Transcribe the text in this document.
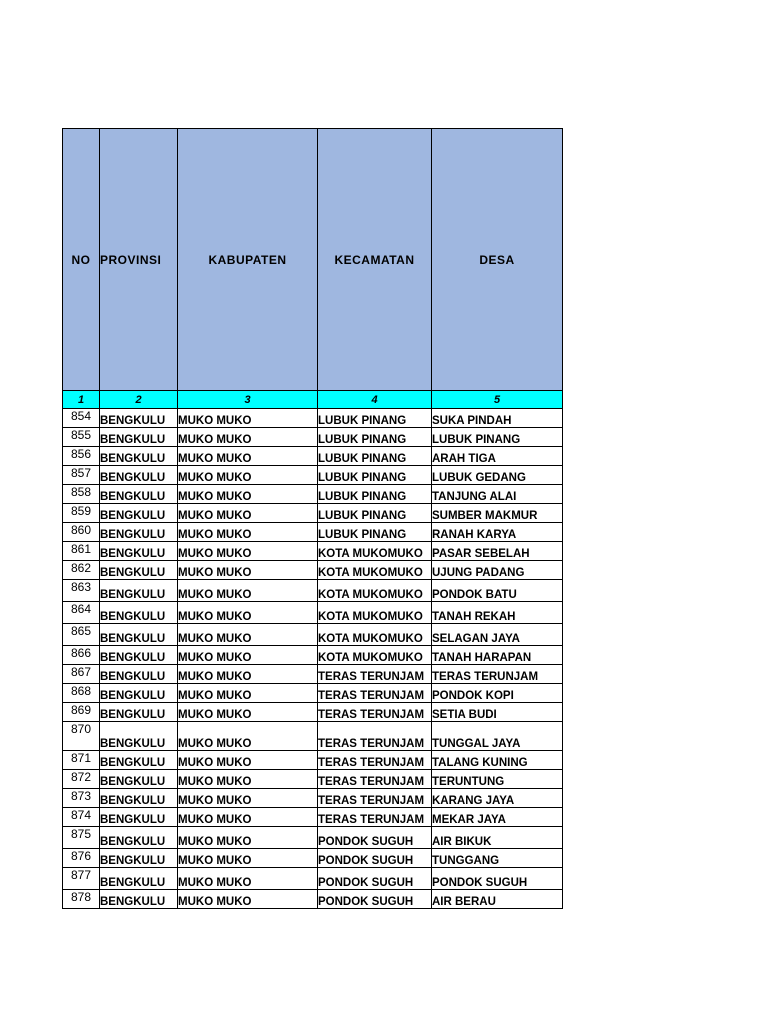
NO	PROVINSI	KABUPATEN	KECAMATAN	DESA
1	2	3	4	5
854	BENGKULU	MUKO MUKO	LUBUK PINANG	SUKA PINDAH
855	BENGKULU	MUKO MUKO	LUBUK PINANG	LUBUK PINANG
856	BENGKULU	MUKO MUKO	LUBUK PINANG	ARAH TIGA
857	BENGKULU	MUKO MUKO	LUBUK PINANG	LUBUK GEDANG
858	BENGKULU	MUKO MUKO	LUBUK PINANG	TANJUNG ALAI
859	BENGKULU	MUKO MUKO	LUBUK PINANG	SUMBER MAKMUR
860	BENGKULU	MUKO MUKO	LUBUK PINANG	RANAH KARYA
861	BENGKULU	MUKO MUKO	KOTA MUKOMUKO	PASAR SEBELAH
862	BENGKULU	MUKO MUKO	KOTA MUKOMUKO	UJUNG PADANG
863	BENGKULU	MUKO MUKO	KOTA MUKOMUKO	PONDOK BATU
864	BENGKULU	MUKO MUKO	KOTA MUKOMUKO	TANAH REKAH
865	BENGKULU	MUKO MUKO	KOTA MUKOMUKO	SELAGAN JAYA
866	BENGKULU	MUKO MUKO	KOTA MUKOMUKO	TANAH HARAPAN
867	BENGKULU	MUKO MUKO	TERAS TERUNJAM	TERAS TERUNJAM
868	BENGKULU	MUKO MUKO	TERAS TERUNJAM	PONDOK KOPI
869	BENGKULU	MUKO MUKO	TERAS TERUNJAM	SETIA BUDI
870	BENGKULU	MUKO MUKO	TERAS TERUNJAM	TUNGGAL JAYA
871	BENGKULU	MUKO MUKO	TERAS TERUNJAM	TALANG KUNING
872	BENGKULU	MUKO MUKO	TERAS TERUNJAM	TERUNTUNG
873	BENGKULU	MUKO MUKO	TERAS TERUNJAM	KARANG JAYA
874	BENGKULU	MUKO MUKO	TERAS TERUNJAM	MEKAR JAYA
875	BENGKULU	MUKO MUKO	PONDOK SUGUH	AIR BIKUK
876	BENGKULU	MUKO MUKO	PONDOK SUGUH	TUNGGANG
877	BENGKULU	MUKO MUKO	PONDOK SUGUH	PONDOK SUGUH
878	BENGKULU	MUKO MUKO	PONDOK SUGUH	AIR BERAU
